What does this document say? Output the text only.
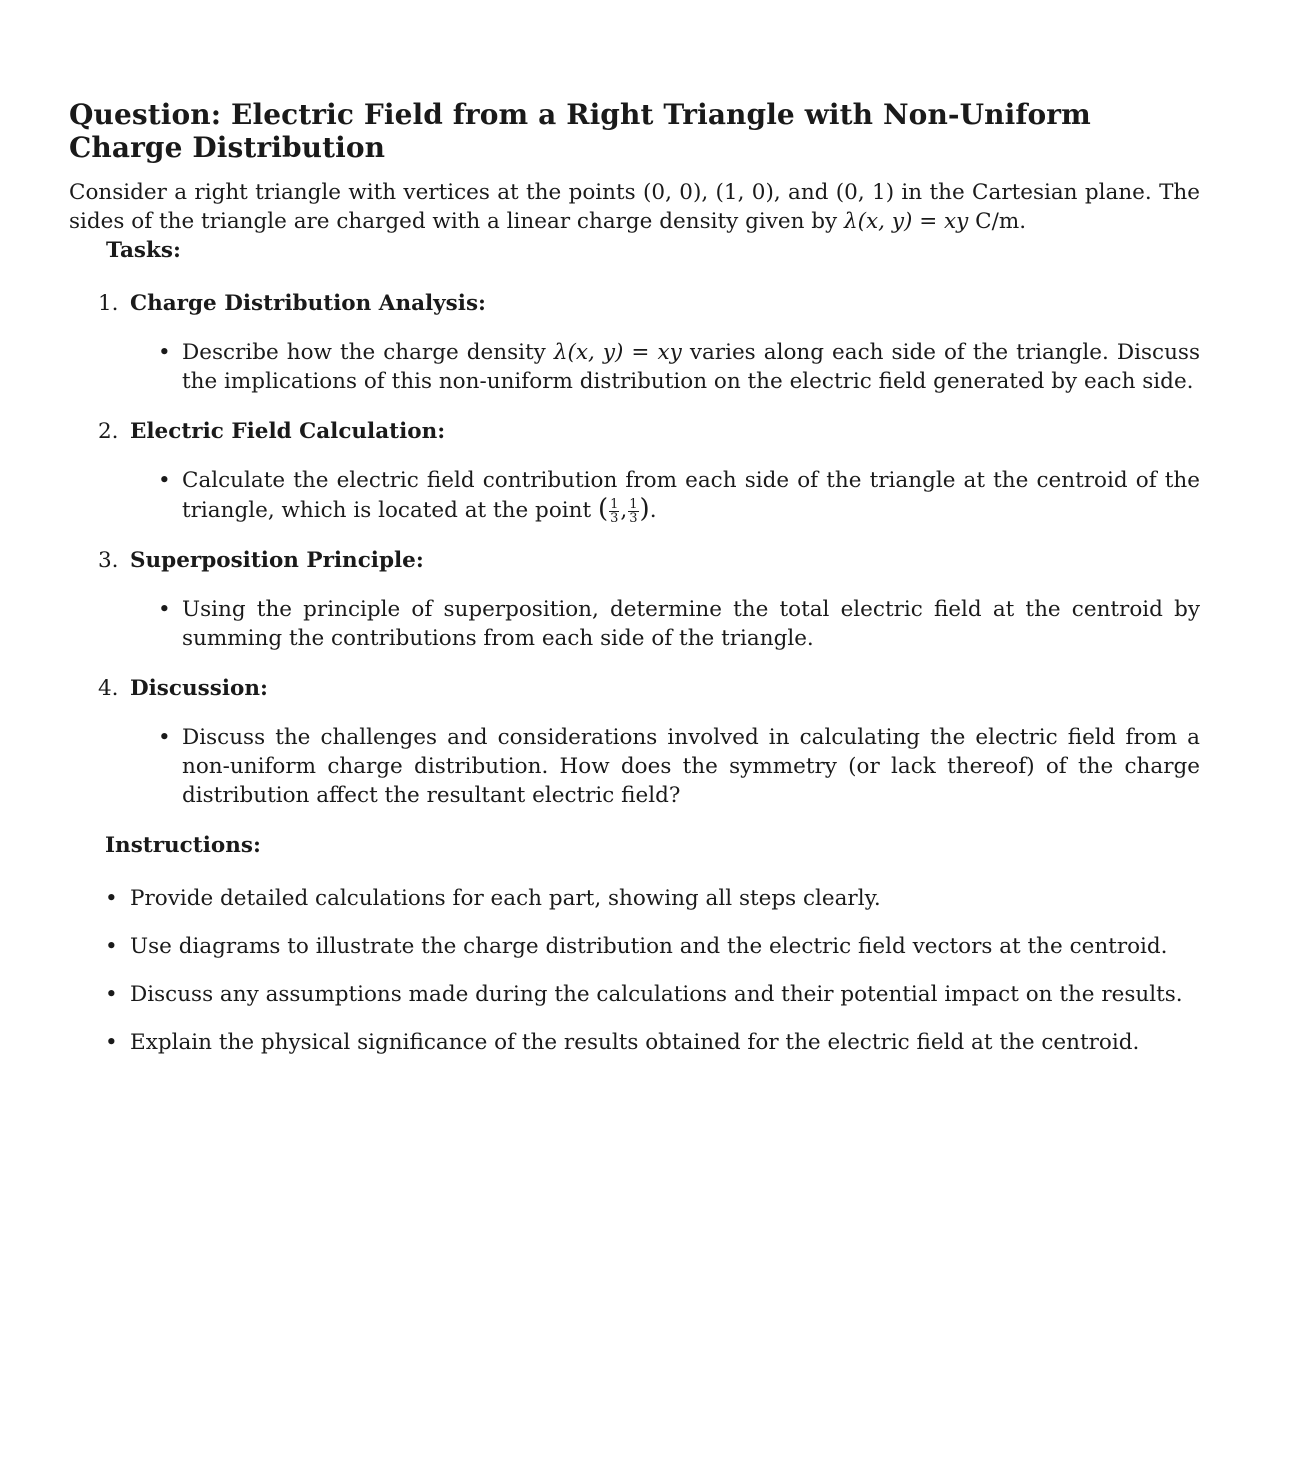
Question: Electric Field from a Right Triangle with Non-Uniform Charge Distribution

Consider a right triangle with vertices at the points (0, 0), (1, 0), and (0, 1) in the Cartesian plane. The sides of the triangle are charged with a linear charge density given by λ(x, y) = xy C/m.

Tasks:
1. Charge Distribution Analysis:
• Describe how the charge density λ(x, y) = xy varies along each side of the triangle. Discuss the implications of this non-uniform distribution on the electric field generated by each side.
2. Electric Field Calculation:
• Calculate the electric field contribution from each side of the triangle at the centroid of the triangle, which is located at the point ( $\frac{1}{3}$ , $\frac{1}{3}$ ).
3. Superposition Principle:
• Using the principle of superposition, determine the total electric field at the centroid by summing the contributions from each side of the triangle.
4. Discussion:
• Discuss the challenges and considerations involved in calculating the electric field from a non-uniform charge distribution. How does the symmetry (or lack thereof) of the charge distribution affect the resultant electric field?
Instructions:
• Provide detailed calculations for each part, showing all steps clearly.
• Use diagrams to illustrate the charge distribution and the electric field vectors at the centroid.
• Discuss any assumptions made during the calculations and their potential impact on the results.
• Explain the physical significance of the results obtained for the electric field at the centroid.
